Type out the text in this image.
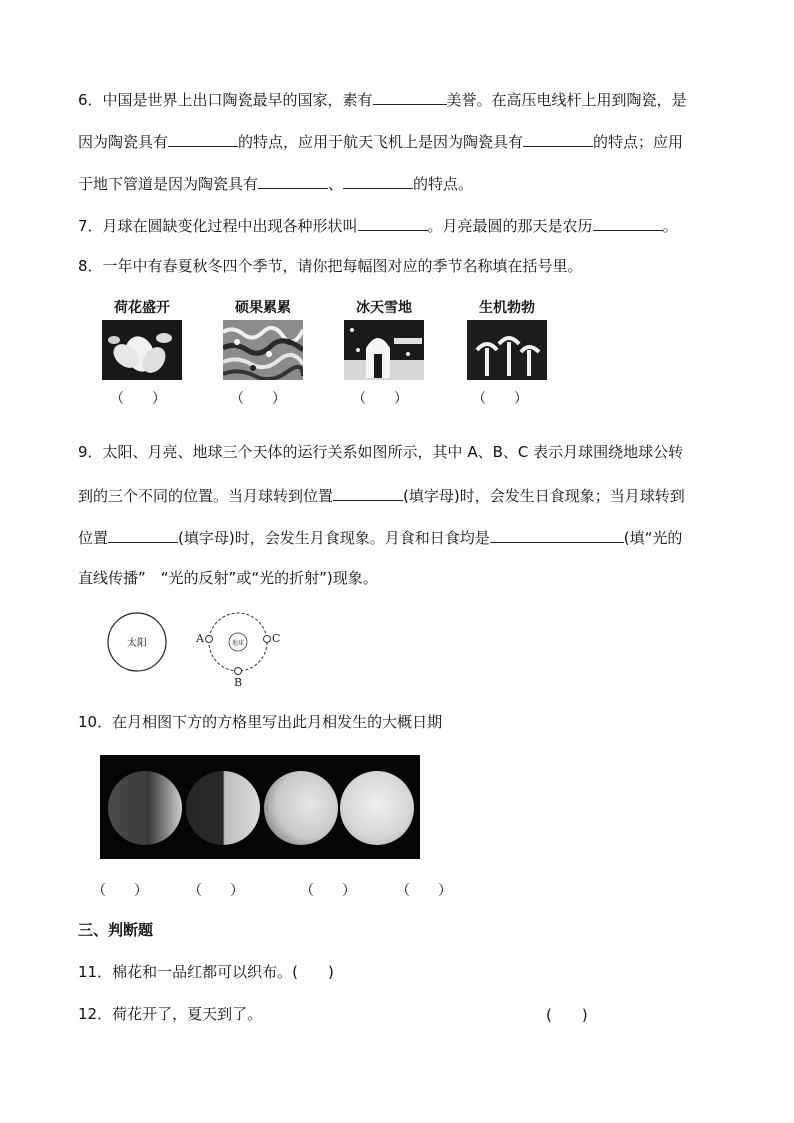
6．中国是世界上出口陶瓷最早的国家，素有	美誉。在高压电线杆上用到陶瓷，是
因为陶瓷具有	的特点，应用于航天飞机上是因为陶瓷具有	的特点；应用
于地下管道是因为陶瓷具有	、	的特点。
7．月球在圆缺变化过程中出现各种形状叫	。月亮最圆的那天是农历	。
8．一年中有春夏秋冬四个季节，请你把每幅图对应的季节名称填在括号里。
荷花盛开	硕果累累	冰天雪地	生机勃勃
（　　）	（　　）	（　　）	（　　）
9．太阳、月亮、地球三个天体的运行关系如图所示，其中 A、B、C 表示月球围绕地球公转
到的三个不同的位置。当月球转到位置	(填字母)时，会发生日食现象；当月球转到
位置	(填字母)时，会发生月食现象。月食和日食均是	(填“光的
直线传播”　“光的反射”或“光的折射”)现象。
太阳	地球
A	C
B
10．在月相图下方的方格里写出此月相发生的大概日期
（　　）	（　　）	（　　）	（　　）
三、判断题
11．棉花和一品红都可以织布。(　　)
12．荷花开了，夏天到了。	(　　)
